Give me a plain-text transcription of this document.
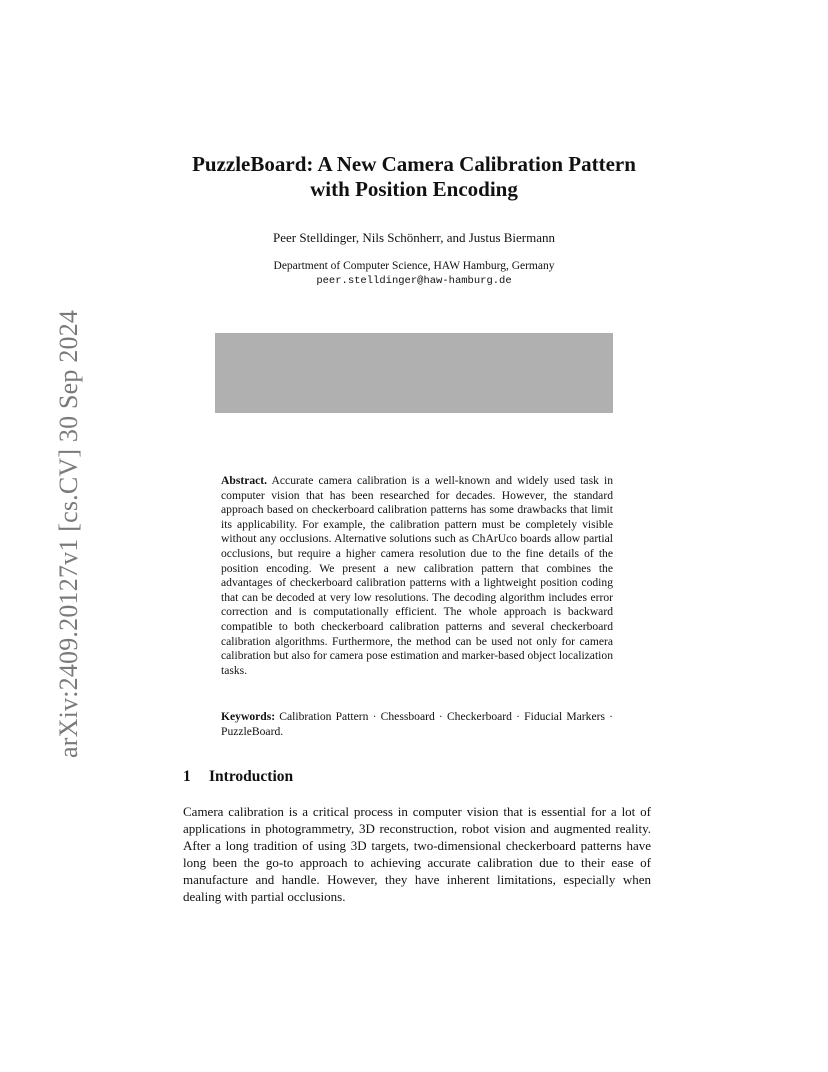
arXiv:2409.20127v1 [cs.CV] 30 Sep 2024
PuzzleBoard: A New Camera Calibration Pattern
with Position Encoding
Peer Stelldinger, Nils Schönherr, and Justus Biermann
Department of Computer Science, HAW Hamburg, Germany
peer.stelldinger@haw-hamburg.de

Abstract. Accurate camera calibration is a well-known and widely used task in computer vision that has been researched for decades. However, the standard approach based on checkerboard calibration patterns has some drawbacks that limit its applicability. For example, the calibration pattern must be completely visible without any occlusions. Alternative solutions such as ChArUco boards allow partial occlusions, but require a higher camera resolution due to the fine details of the position encoding. We present a new calibration pattern that combines the advantages of checkerboard calibration patterns with a lightweight position coding that can be decoded at very low resolutions. The decoding algorithm includes error correction and is computationally efficient. The whole approach is backward compatible to both checkerboard calibration patterns and several checkerboard calibration algorithms. Furthermore, the method can be used not only for camera calibration but also for camera pose estimation and marker-based object localization tasks.

Keywords: Calibration Pattern · Chessboard · Checkerboard · Fiducial Markers · PuzzleBoard.

1 Introduction

Camera calibration is a critical process in computer vision that is essential for a lot of applications in photogrammetry, 3D reconstruction, robot vision and augmented reality. After a long tradition of using 3D targets, two-dimensional checkerboard patterns have long been the go-to approach to achieving accurate calibration due to their ease of manufacture and handle. However, they have inherent limitations, especially when dealing with partial occlusions.
